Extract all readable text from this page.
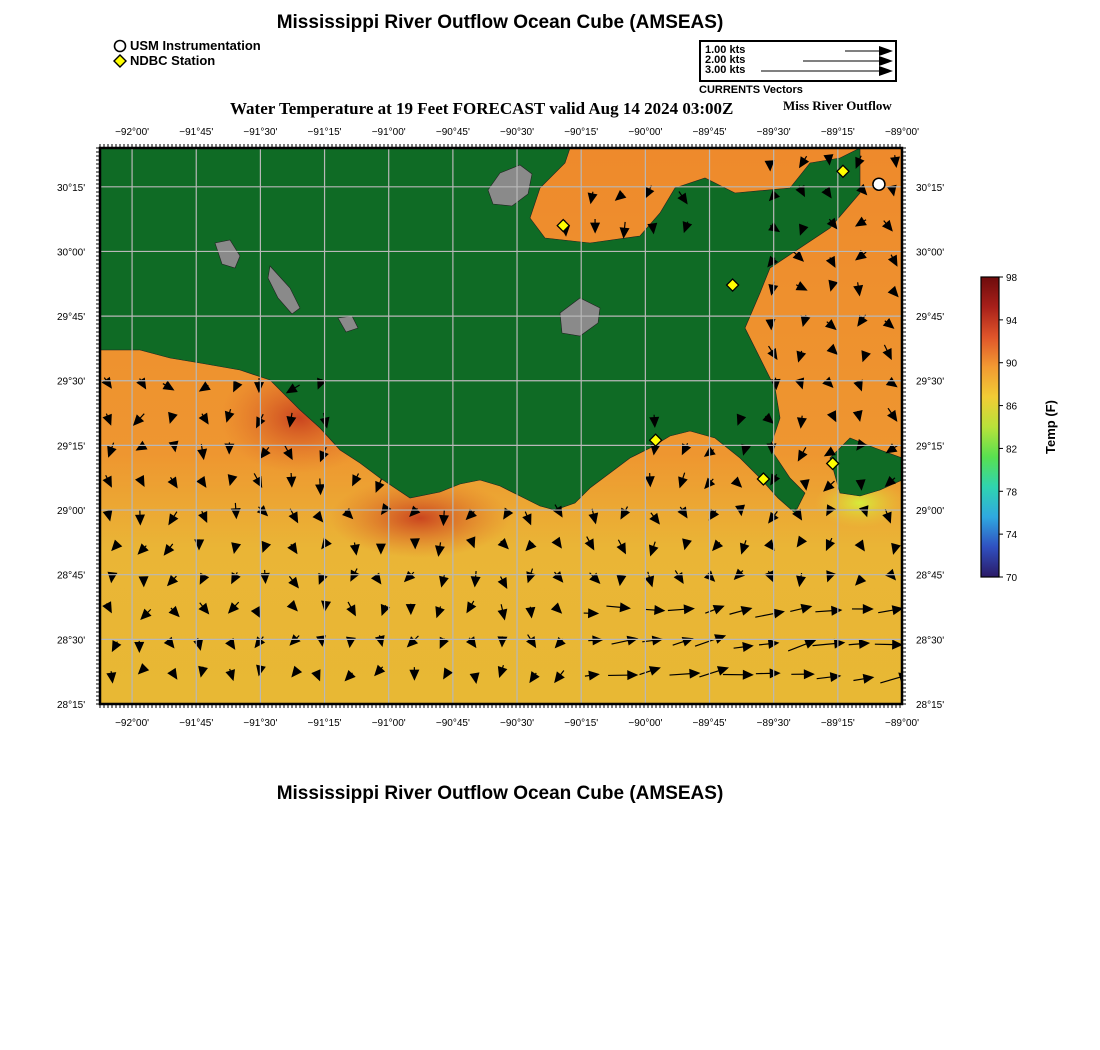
Mississippi River Outflow Ocean Cube (AMSEAS)
USM Instrumentation
NDBC Station
1.00 kts
2.00 kts
3.00 kts
CURRENTS Vectors
Water Temperature at 19 Feet FORECAST valid Aug 14 2024 03:00Z	Miss River Outflow
−92°00'
−92°00'
−91°45'
−91°45'
−91°30'
−91°30'
−91°15'
−91°15'
−91°00'
−91°00'
−90°45'
−90°45'
−90°30'
−90°30'
−90°15'
−90°15'
−90°00'
−90°00'
−89°45'
−89°45'
−89°30'
−89°30'
−89°15'
−89°15'
−89°00'
−89°00'
30°15'	30°15'
30°00'	30°00'
29°45'	29°45'
29°30'	29°30'
29°15'	29°15'
29°00'	29°00'
28°45'	28°45'
28°30'	28°30'
28°15'	28°15'
98
94
90
86
82
78
74
70
Temp (F)
Mississippi River Outflow Ocean Cube (AMSEAS)
